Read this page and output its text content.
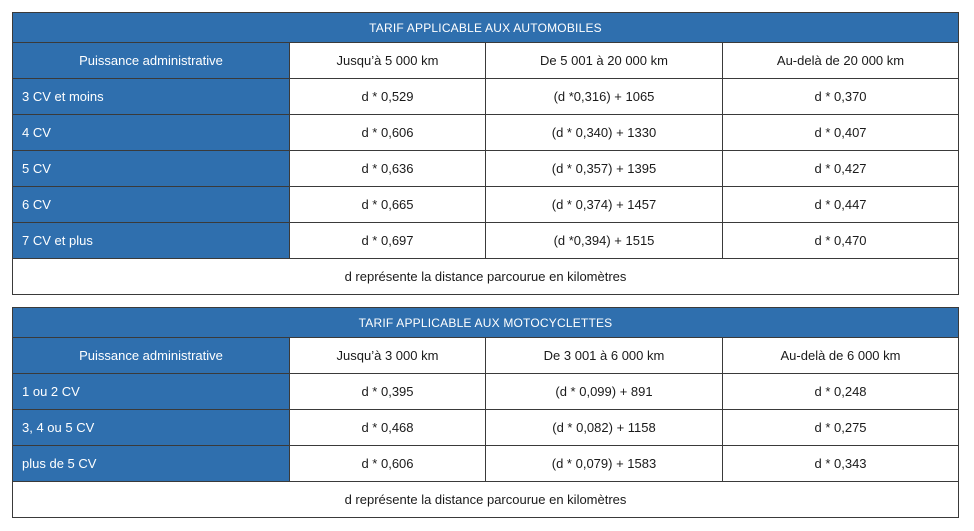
TARIF APPLICABLE AUX AUTOMOBILES			
Puissance administrative	Jusqu’à 5 000 km	De 5 001 à 20 000 km	Au-delà de 20 000 km
3 CV et moins	d * 0,529	(d *0,316) + 1065	d * 0,370
4 CV	d * 0,606	(d * 0,340) + 1330	d * 0,407
5 CV	d * 0,636	(d * 0,357) + 1395	d * 0,427
6 CV	d * 0,665	(d * 0,374) + 1457	d * 0,447
7 CV et plus	d * 0,697	(d *0,394) + 1515	d * 0,470
d représente la distance parcourue en kilomètres			
TARIF APPLICABLE AUX MOTOCYCLETTES			
Puissance administrative	Jusqu’à 3 000 km	De 3 001 à 6 000 km	Au-delà de 6 000 km
1 ou 2 CV	d * 0,395	(d * 0,099) + 891	d * 0,248
3, 4 ou 5 CV	d * 0,468	(d * 0,082) + 1158	d * 0,275
plus de 5 CV	d * 0,606	(d * 0,079) + 1583	d * 0,343
d représente la distance parcourue en kilomètres			
